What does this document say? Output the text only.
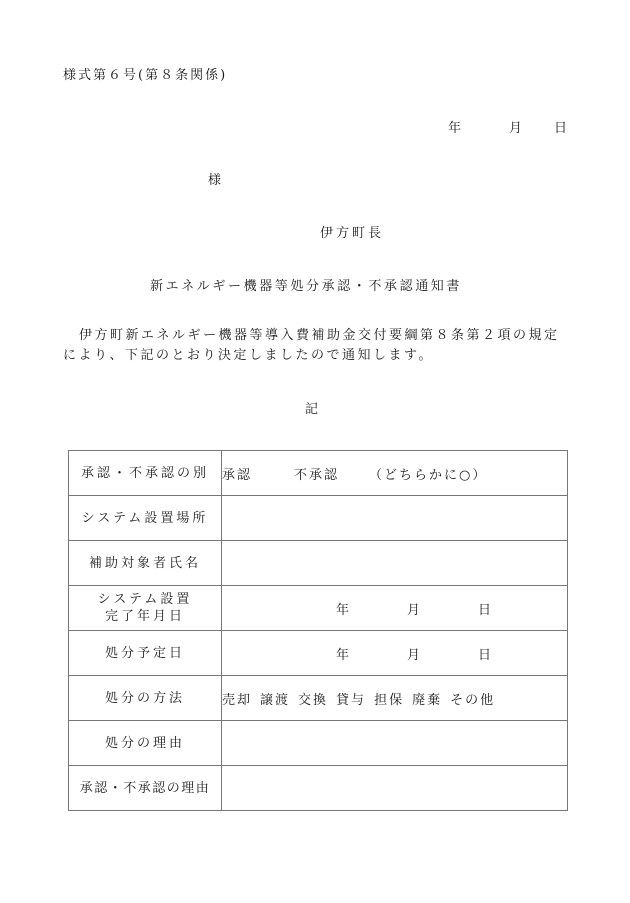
様式第６号(第８条関係)
年	月 日
様
伊方町長
新エネルギー機器等処分承認・不承認通知書
伊方町新エネルギー機器等導入費補助金交付要綱第８条第２項の規定により、下記のとおり決定しましたので通知します。
記
承認・不承認の別	承認 不承認 （どちらかに○）
システム設置場所	
補助対象者氏名	

システム設置
完了年月日	年 月 日
処分予定日	年 月 日
処分の方法	売却 譲渡 交換 貸与 担保 廃棄 その他
処分の理由	
承認・不承認の理由	
